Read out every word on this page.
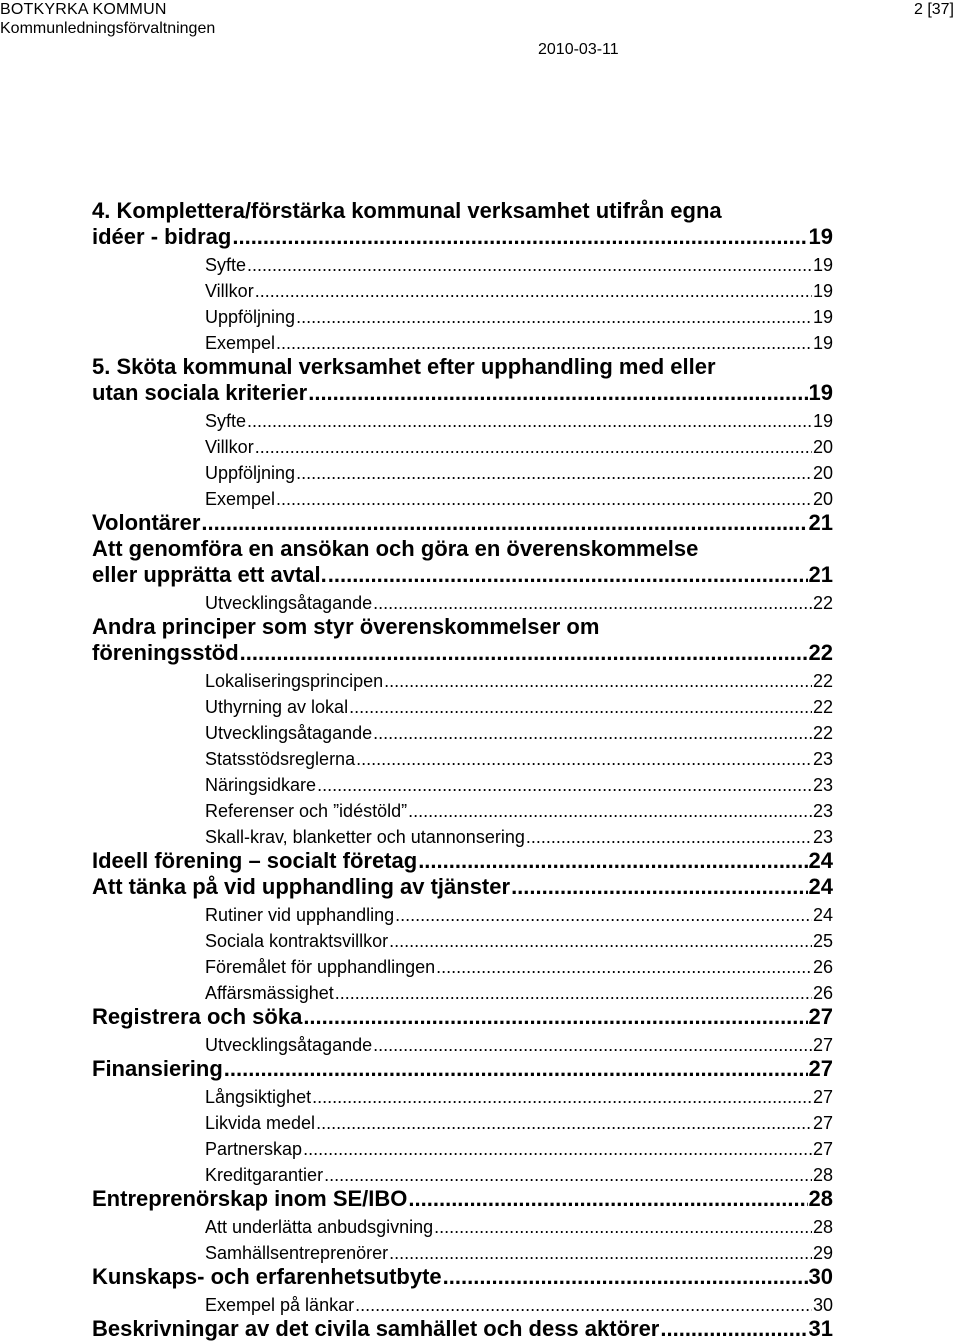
BOTKYRKA KOMMUN
Kommunledningsförvaltningen
2 [37]
2010-03-11
4. Komplettera/förstärka kommunal verksamhet utifrån egna
idéer - bidrag .....	19
Syfte .....	19
Villkor .....	19
Uppföljning .....	19
Exempel .....	19
5. Sköta kommunal verksamhet efter upphandling med eller
utan sociala kriterier .....	19
Syfte .....	19
Villkor .....	20
Uppföljning .....	20
Exempel .....	20
Volontärer .....	21
Att genomföra en ansökan och göra en överenskommelse
eller upprätta ett avtal. .....	21
Utvecklingsåtagande .....	22
Andra principer som styr överenskommelser om
föreningsstöd .....	22
Lokaliseringsprincipen .....	22
Uthyrning av lokal .....	22
Utvecklingsåtagande .....	22
Statsstödsreglerna .....	23
Näringsidkare .....	23
Referenser och ”idéstöld” .....	23
Skall-krav, blanketter och utannonsering .....	23
Ideell förening – socialt företag .....	24
Att tänka på vid upphandling av tjänster .....	24
Rutiner vid upphandling .....	24
Sociala kontraktsvillkor .....	25
Föremålet för upphandlingen .....	26
Affärsmässighet .....	26
Registrera och söka .....	27
Utvecklingsåtagande .....	27
Finansiering .....	27
Långsiktighet .....	27
Likvida medel .....	27
Partnerskap .....	27
Kreditgarantier .....	28
Entreprenörskap inom SE/IBO .....	28
Att underlätta anbudsgivning .....	28
Samhällsentreprenörer .....	29
Kunskaps- och erfarenhetsutbyte .....	30
Exempel på länkar .....	30
Beskrivningar av det civila samhället och dess aktörer .....	31
